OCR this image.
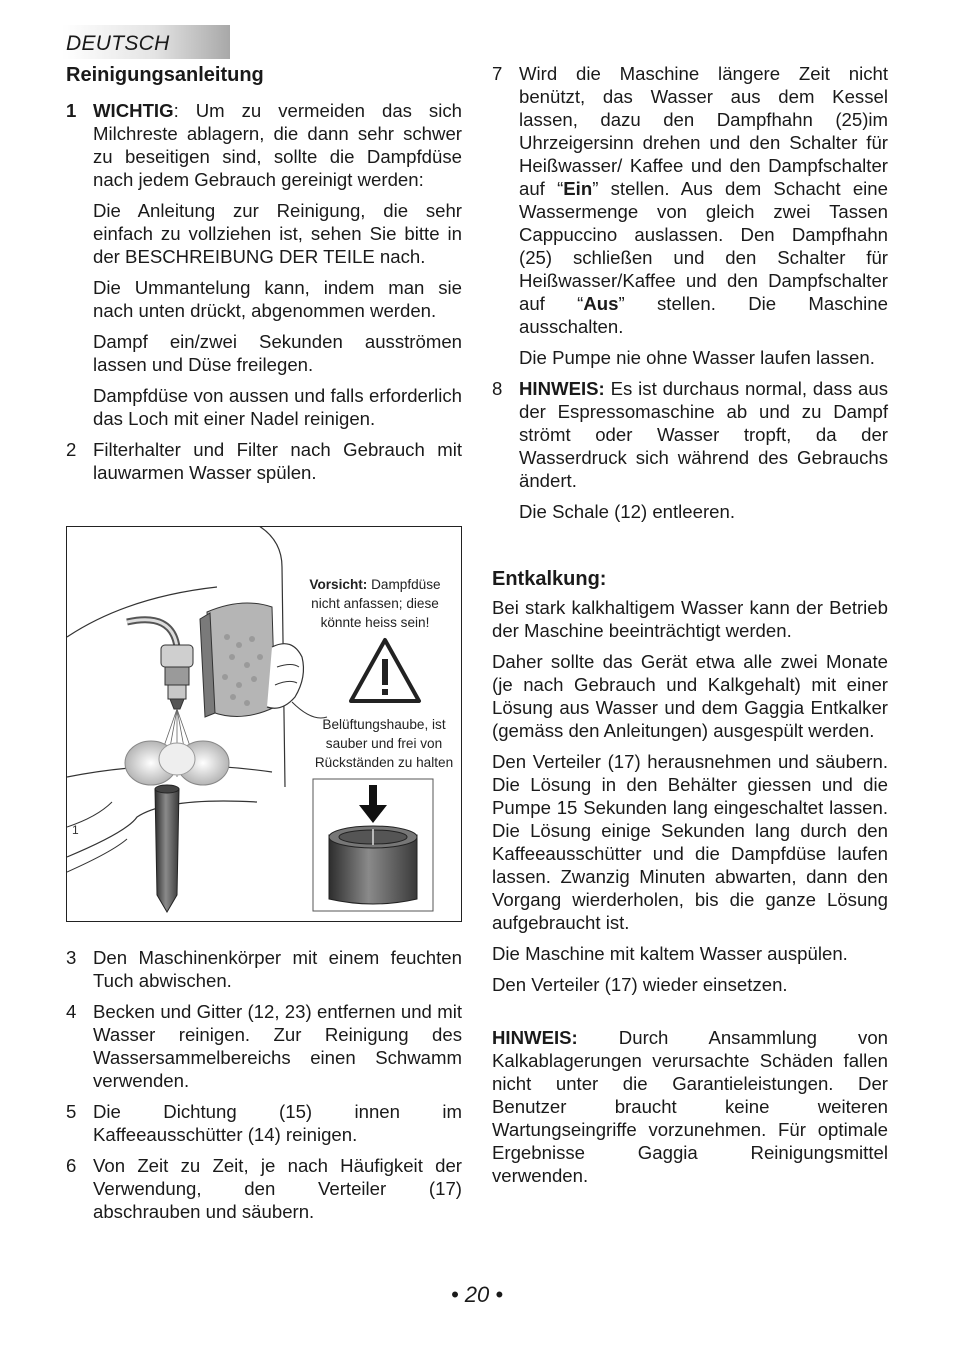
DEUTSCH
Reinigungsanleitung
1 WICHTIG: Um zu vermeiden das sich Milchreste ablagern, die dann sehr schwer zu beseitigen sind, sollte die Dampfdüse nach jedem Gebrauch gereinigt werden:

Die Anleitung zur Reinigung, die sehr einfach zu vollziehen ist, sehen Sie bitte in der BESCHREIBUNG DER TEILE nach.

Die Ummantelung kann, indem man sie nach unten drückt, abgenommen werden.

Dampf ein/zwei Sekunden ausströmen lassen und Düse freilegen.

Dampfdüse von aussen und falls erforderlich das Loch mit einer Nadel reinigen.

2 Filterhalter und Filter nach Gebrauch mit lauwarmen Wasser spülen.
1
Vorsicht: Dampfdüse
nicht anfassen; diese
könnte heiss sein!
Belüftungshaube, ist
sauber und frei von
Rückständen zu halten
3 Den Maschinenkörper mit einem feuchten Tuch abwischen.
4 Becken und Gitter (12, 23) entfernen und mit Wasser reinigen. Zur Reinigung des Wassersammelbereichs einen Schwamm verwenden.
5 Die Dichtung (15) innen im Kaffeeausschütter (14) reinigen.
6 Von Zeit zu Zeit, je nach Häufigkeit der Verwendung, den Verteiler (17) abschrauben und säubern.
7 Wird die Maschine längere Zeit nicht benützt, das Wasser aus dem Kessel lassen, dazu den Dampfhahn (25)im Uhrzeigersinn drehen und den Schalter für Heißwasser/ Kaffee und den Dampfschalter auf “Ein” stellen. Aus dem Schacht eine Wassermenge von gleich zwei Tassen Cappuccino auslassen. Den Dampfhahn (25) schließen und den Schalter für Heißwasser/Kaffee und den Dampfschalter auf “Aus” stellen. Die Maschine ausschalten.

Die Pumpe nie ohne Wasser laufen lassen.

8 HINWEIS: Es ist durchaus normal, dass aus der Espressomaschine ab und zu Dampf strömt oder Wasser tropft, da der Wasserdruck sich während des Gebrauchs ändert.

Die Schale (12) entleeren.

Entkalkung:

Bei stark kalkhaltigem Wasser kann der Betrieb der Maschine beeinträchtigt werden.

Daher sollte das Gerät etwa alle zwei Monate (je nach Gebrauch und Kalkgehalt) mit einer Lösung aus Wasser und dem Gaggia Entkalker (gemäss den Anleitungen) ausgespült werden.

Den Verteiler (17) herausnehmen und säubern. Die Lösung in den Behälter giessen und die Pumpe 15 Sekunden lang eingeschaltet lassen. Die Lösung einige Sekunden lang durch den Kaffeeausschütter und die Dampfdüse laufen lassen. Zwanzig Minuten abwarten, dann den Vorgang wierderholen, bis die ganze Lösung aufgebraucht ist.

Die Maschine mit kaltem Wasser auspülen.

Den Verteiler (17) wieder einsetzen.

HINWEIS: Durch Ansammlung von Kalkablagerungen verursachte Schäden fallen nicht unter die Garantieleistungen. Der Benutzer braucht keine weiteren Wartungseingriffe vorzunehmen. Für optimale Ergebnisse Gaggia Reinigungsmittel verwenden.

• 20 •
